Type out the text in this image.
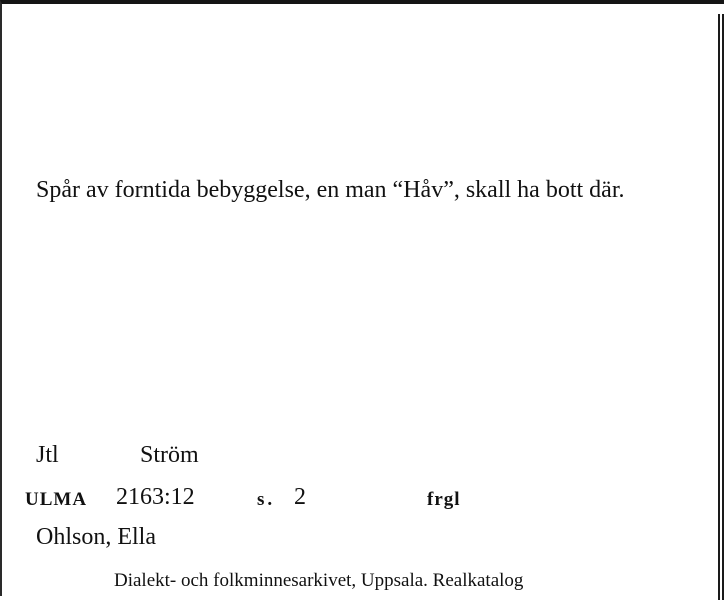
Spår av forntida bebyggelse, en man “Håv”, skall ha bott där.
Jtl	Ström
ULMA 2163:12	s. 2	frgl
Ohlson, Ella
Dialekt- och folkminnesarkivet, Uppsala. Realkatalog
